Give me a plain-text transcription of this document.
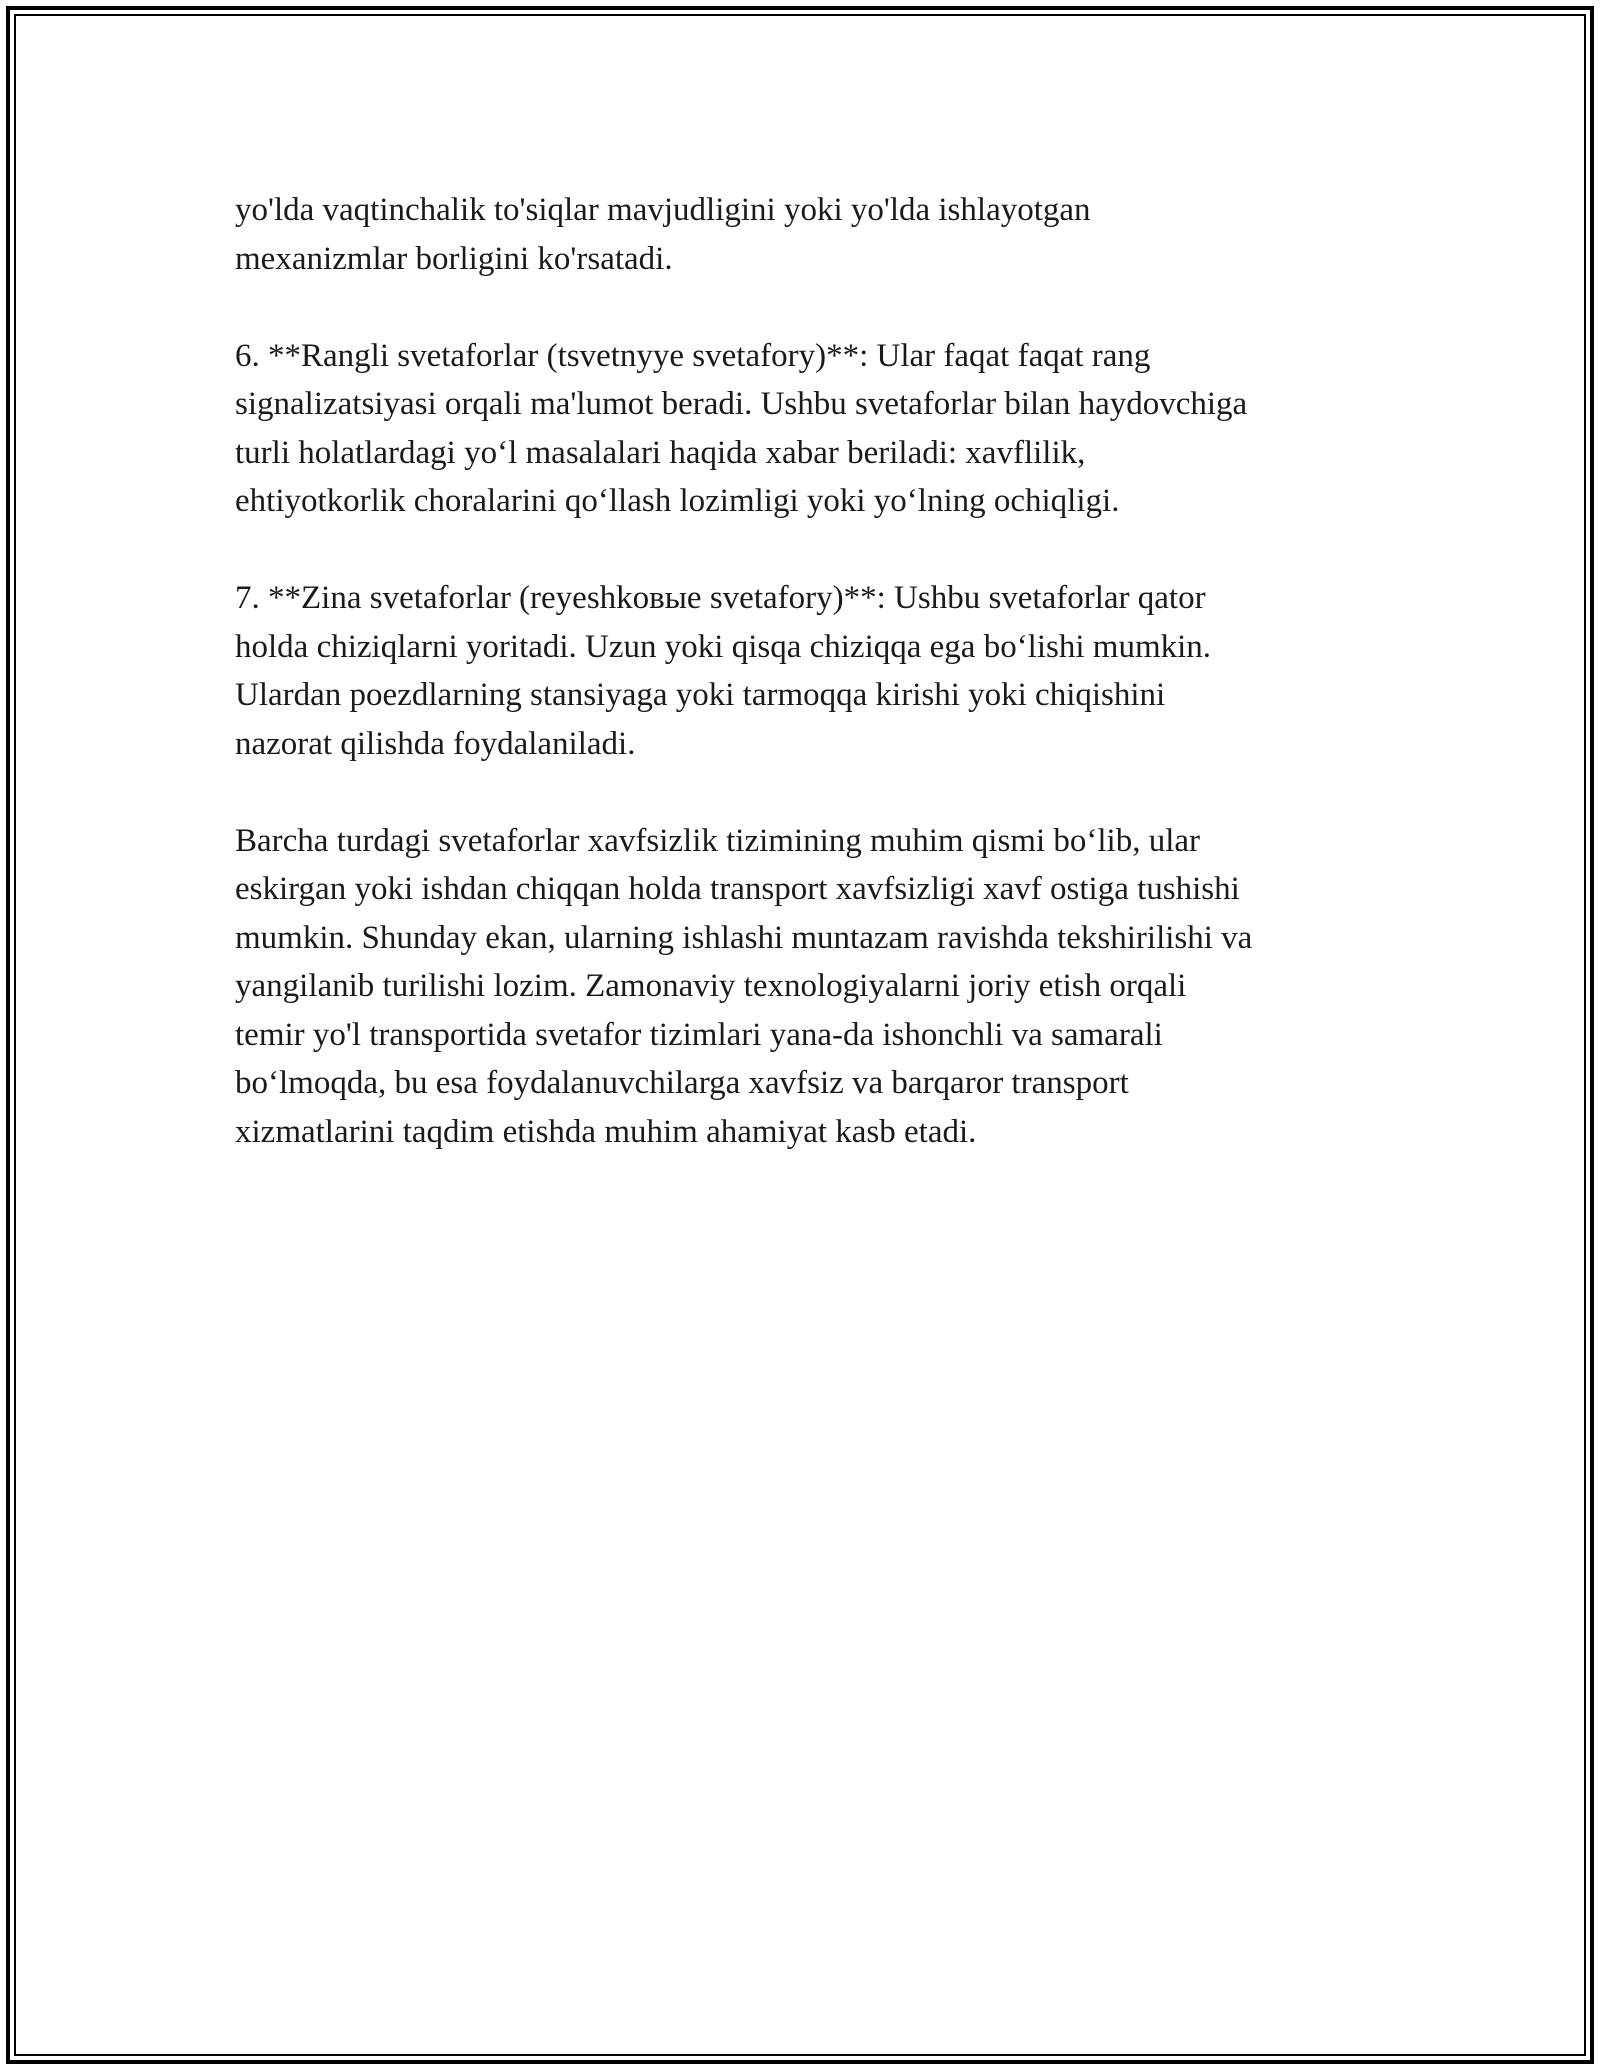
yo'lda vaqtinchalik to'siqlar mavjudligini yoki yo'lda ishlayotgan
mexanizmlar borligini ko'rsatadi.

6. **Rangli svetaforlar (tsvetnyye svetafory)**: Ular faqat faqat rang
signalizatsiyasi orqali ma'lumot beradi. Ushbu svetaforlar bilan haydovchiga
turli holatlardagi yo‘l masalalari haqida xabar beriladi: xavflilik,
ehtiyotkorlik choralarini qo‘llash lozimligi yoki yo‘lning ochiqligi.

7. **Zina svetaforlar (reyeshkовые svetafory)**: Ushbu svetaforlar qator
holda chiziqlarni yoritadi. Uzun yoki qisqa chiziqqa ega bo‘lishi mumkin.
Ulardan poezdlarning stansiyaga yoki tarmoqqa kirishi yoki chiqishini
nazorat qilishda foydalaniladi.

Barcha turdagi svetaforlar xavfsizlik tizimining muhim qismi bo‘lib, ular
eskirgan yoki ishdan chiqqan holda transport xavfsizligi xavf ostiga tushishi
mumkin. Shunday ekan, ularning ishlashi muntazam ravishda tekshirilishi va
yangilanib turilishi lozim. Zamonaviy texnologiyalarni joriy etish orqali
temir yo'l transportida svetafor tizimlari yana-da ishonchli va samarali
bo‘lmoqda, bu esa foydalanuvchilarga xavfsiz va barqaror transport
xizmatlarini taqdim etishda muhim ahamiyat kasb etadi.
